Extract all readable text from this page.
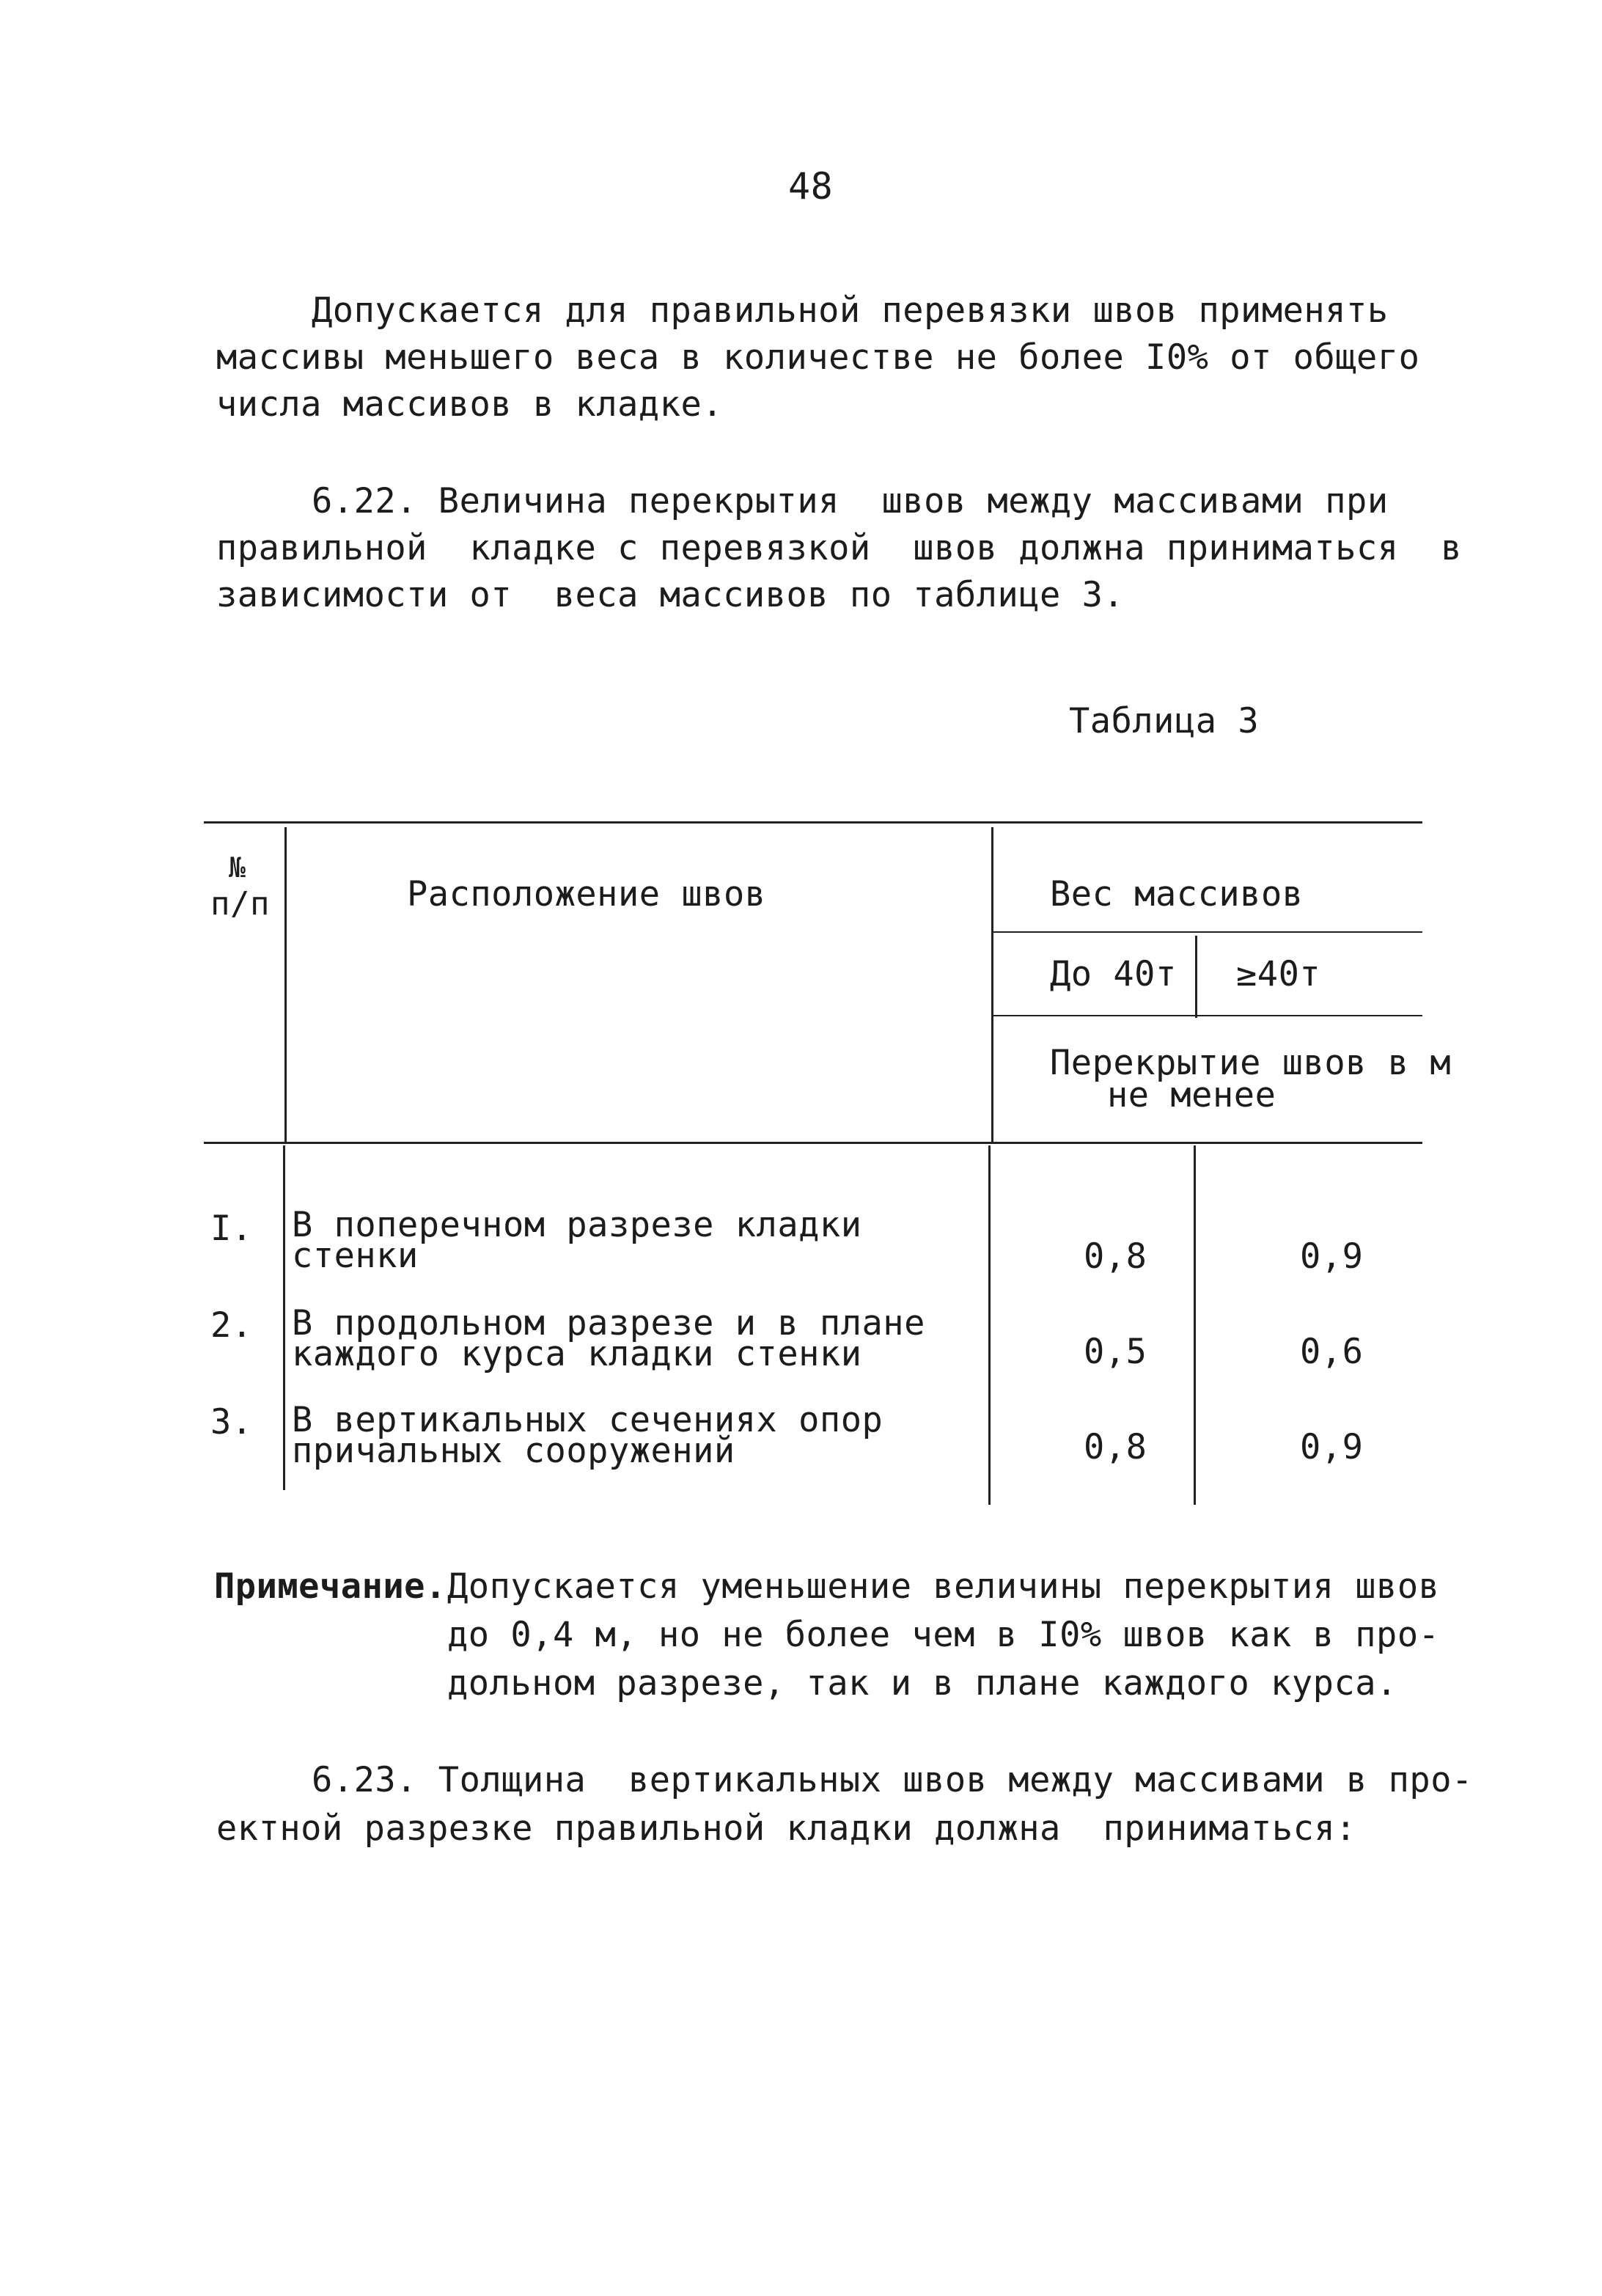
48
Допускается для правильной перевязки швов применять
массивы меньшего веса в количестве не более I0% от общего
числа массивов в кладке.
6.22. Величина перекрытия  швов между массивами при
правильной  кладке с перевязкой  швов должна приниматься  в
зависимости от  веса массивов по таблице 3.
Таблица 3
№
п/п	Расположение швов	Вес массивов
До 40т ≥40т
Перекрытие швов в м
не менее
I. В поперечном разрезе кладки
стенки	0,8	0,9
2. В продольном разрезе и в плане
каждого курса кладки стенки	0,5	0,6
3. В вертикальных сечениях опор
причальных сооружений	0,8	0,9
Примечание. Допускается уменьшение величины перекрытия швов
до 0,4 м, но не более чем в I0% швов как в про-
дольном разрезе, так и в плане каждого курса.
6.23. Толщина  вертикальных швов между массивами в про-
ектной разрезке правильной кладки должна  приниматься:
